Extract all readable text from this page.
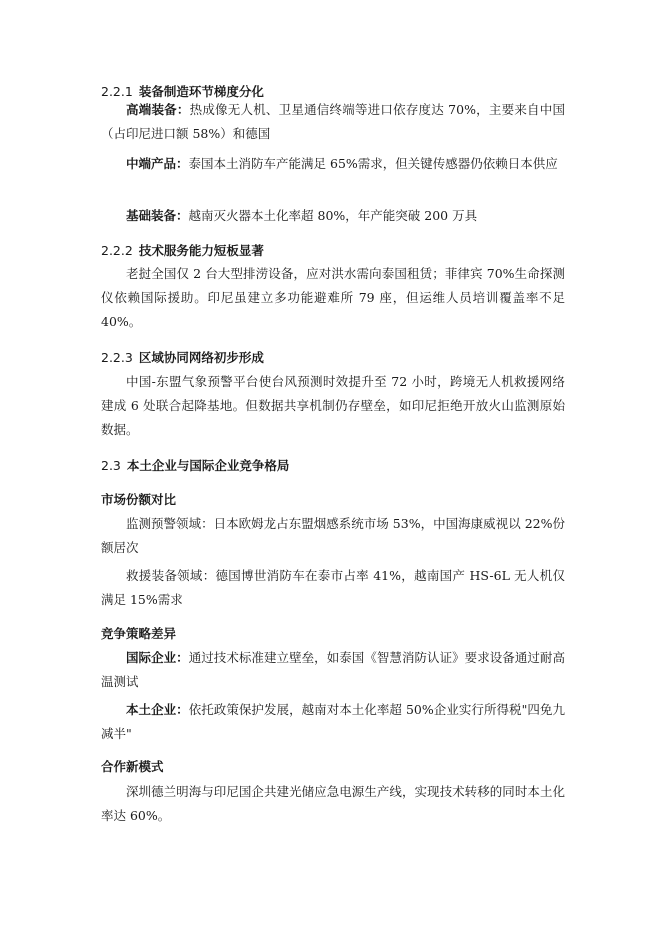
2.2.1 装备制造环节梯度分化

高端装备：热成像无人机、卫星通信终端等进口依存度达 70%，主要来自中国（占印尼进口额 58%）和德国

中端产品：泰国本土消防车产能满足 65%需求，但关键传感器仍依赖日本供应

基础装备：越南灭火器本土化率超 80%，年产能突破 200 万具

2.2.2 技术服务能力短板显著

老挝全国仅 2 台大型排涝设备，应对洪水需向泰国租赁；菲律宾 70%生命探测仪依赖国际援助。印尼虽建立多功能避难所 79 座，但运维人员培训覆盖率不足 40%。

2.2.3 区域协同网络初步形成

中国-东盟气象预警平台使台风预测时效提升至 72 小时，跨境无人机救援网络建成 6 处联合起降基地。但数据共享机制仍存壁垒，如印尼拒绝开放火山监测原始数据。

2.3 本土企业与国际企业竞争格局
市场份额对比

监测预警领域：日本欧姆龙占东盟烟感系统市场 53%，中国海康威视以 22%份额居次

救援装备领域：德国博世消防车在泰市占率 41%，越南国产 HS-6L 无人机仅满足 15%需求

竞争策略差异

国际企业：通过技术标准建立壁垒，如泰国《智慧消防认证》要求设备通过耐高温测试

本土企业：依托政策保护发展，越南对本土化率超 50%企业实行所得税"四免九减半"

合作新模式

深圳德兰明海与印尼国企共建光储应急电源生产线，实现技术转移的同时本土化率达 60%。
